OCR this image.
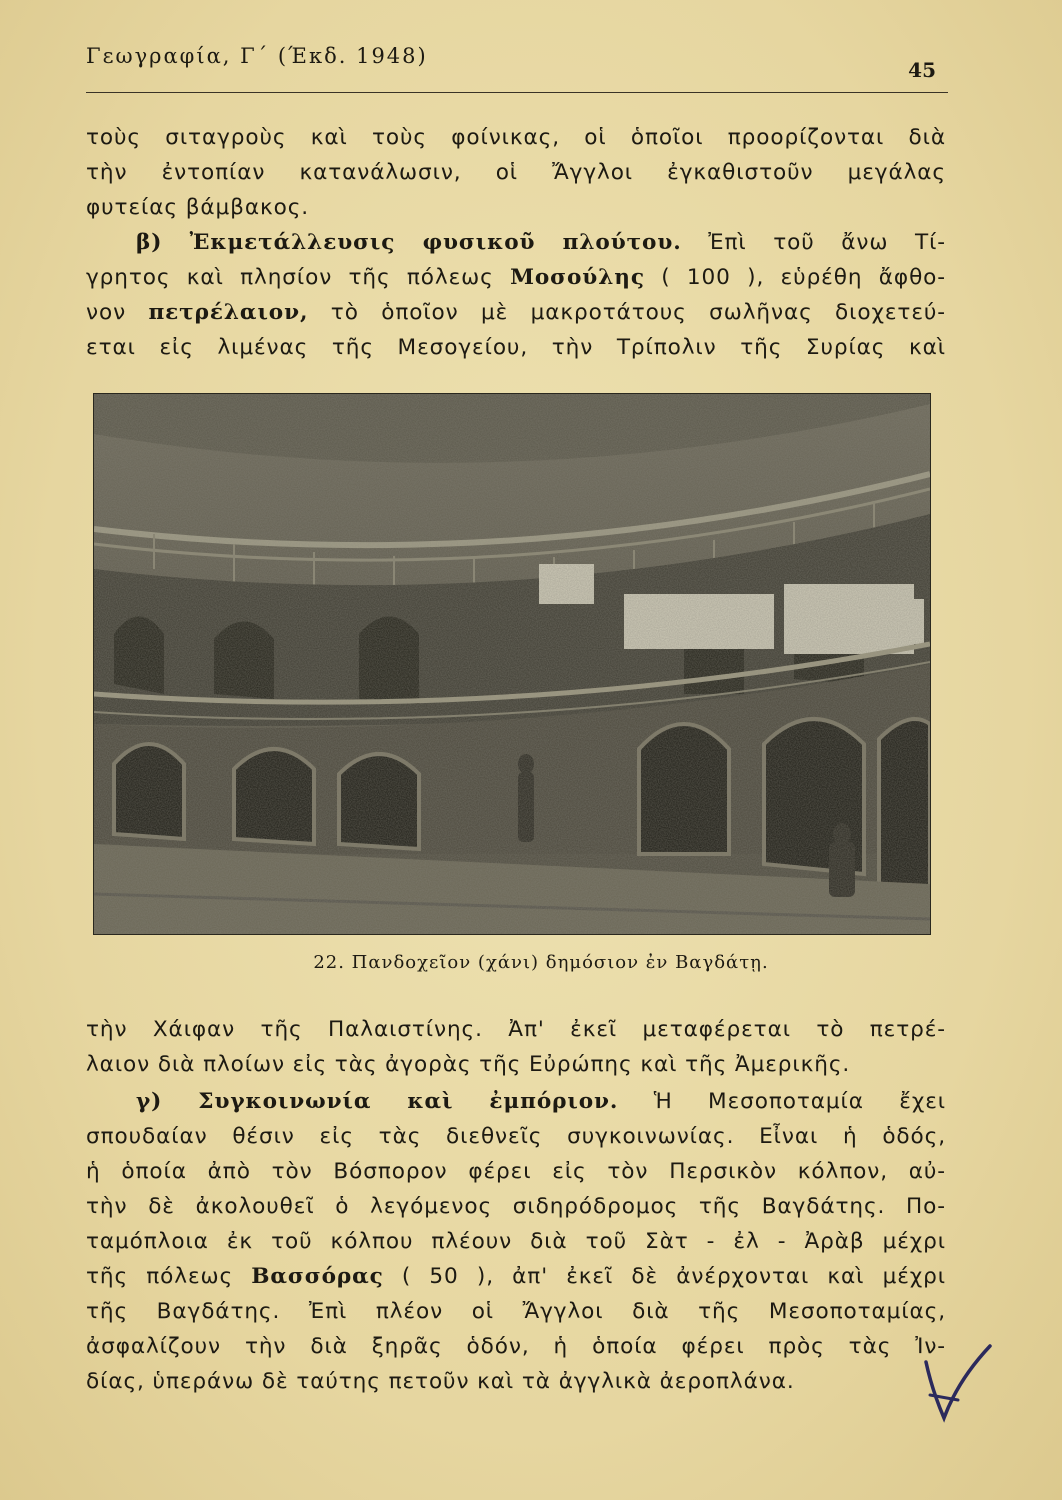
Γεωγραφία, Γ΄ (Έκδ. 1948)
45
τοὺς σιταγροὺς καὶ τοὺς φοίνικας, οἱ ὁποῖοι προορίζονται διὰ
τὴν ἐντοπίαν κατανάλωσιν, οἱ Ἄγγλοι ἐγκαθιστοῦν μεγάλας
φυτείας βάμβακος.
β) Ἐκμετάλλευσις φυσικοῦ πλούτου. Ἐπὶ τοῦ ἄνω Τί-
γρητος καὶ πλησίον τῆς πόλεως Μοσούλης ( 100 ), εὑρέθη ἄφθο-
νον πετρέλαιον, τὸ ὁποῖον μὲ μακροτάτους σωλῆνας διοχετεύ-
εται εἰς λιμένας τῆς Μεσογείου, τὴν Τρίπολιν τῆς Συρίας καὶ
22. Πανδοχεῖον (χάνι) δημόσιον ἐν Βαγδάτῃ.
τὴν Χάιφαν τῆς Παλαιστίνης. Ἀπ' ἐκεῖ μεταφέρεται τὸ πετρέ-
λαιον διὰ πλοίων εἰς τὰς ἀγορὰς τῆς Εὐρώπης καὶ τῆς Ἀμερικῆς.
γ) Συγκοινωνία καὶ ἐμπόριον. Ἡ Μεσοποταμία ἔχει
σπουδαίαν θέσιν εἰς τὰς διεθνεῖς συγκοινωνίας. Εἶναι ἡ ὁδός,
ἡ ὁποία ἀπὸ τὸν Βόσπορον φέρει εἰς τὸν Περσικὸν κόλπον, αὐ-
τὴν δὲ ἀκολουθεῖ ὁ λεγόμενος σιδηρόδρομος τῆς Βαγδάτης. Πο-
ταμόπλοια ἐκ τοῦ κόλπου πλέουν διὰ τοῦ Σὰτ - ἐλ - Ἀρὰβ μέχρι
τῆς πόλεως Βασσόρας ( 50 ), ἀπ' ἐκεῖ δὲ ἀνέρχονται καὶ μέχρι
τῆς Βαγδάτης. Ἐπὶ πλέον οἱ Ἄγγλοι διὰ τῆς Μεσοποταμίας,
ἀσφαλίζουν τὴν διὰ ξηρᾶς ὁδόν, ἡ ὁποία φέρει πρὸς τὰς Ἰν-
δίας, ὑπεράνω δὲ ταύτης πετοῦν καὶ τὰ ἀγγλικὰ ἀεροπλάνα.
